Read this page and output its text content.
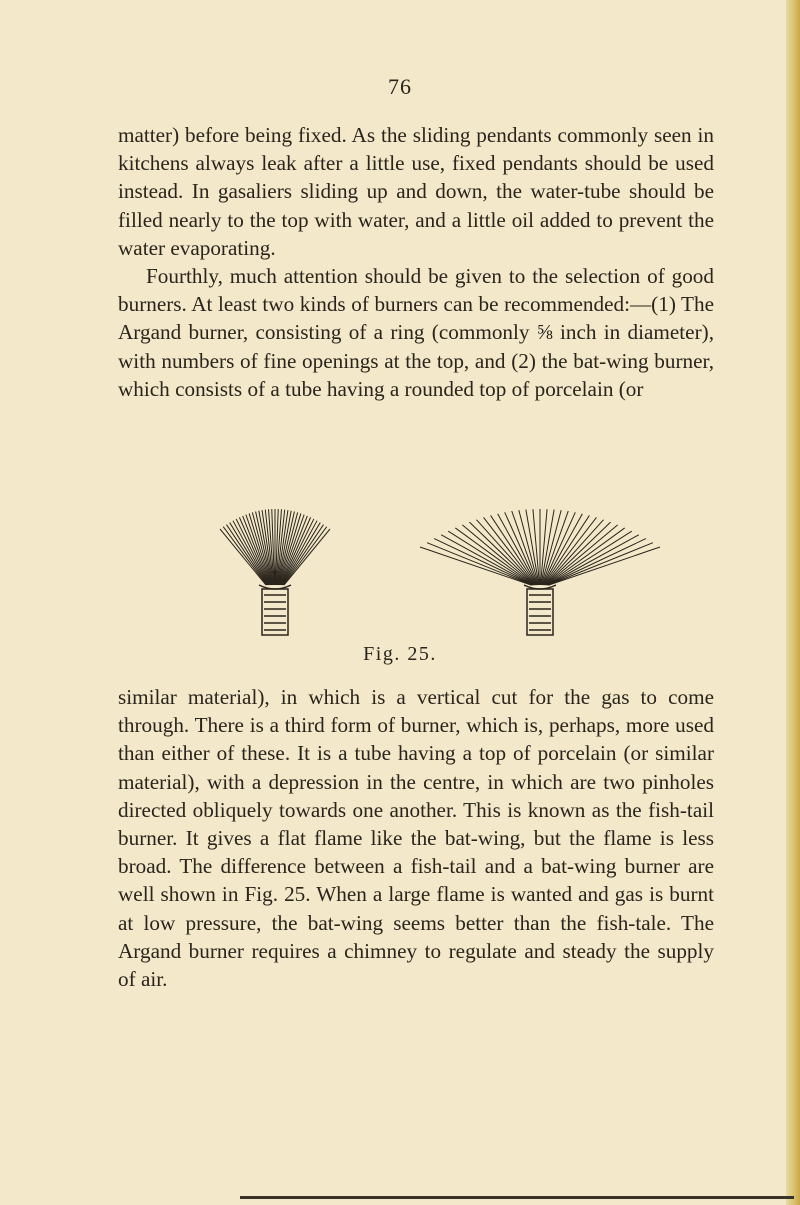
76

matter) before being fixed. As the sliding pendants commonly seen in kitchens always leak after a little use, fixed pendants should be used instead. In gasaliers sliding up and down, the water-tube should be filled nearly to the top with water, and a little oil added to prevent the water evaporating.

Fourthly, much attention should be given to the selection of good burners. At least two kinds of burners can be recommended:—(1) The Argand burner, consisting of a ring (commonly ⅝ inch in diameter), with numbers of fine openings at the top, and (2) the bat-wing burner, which consists of a tube having a rounded top of porcelain (or

Fig. 25.

similar material), in which is a vertical cut for the gas to come through. There is a third form of burner, which is, perhaps, more used than either of these. It is a tube having a top of porcelain (or similar material), with a depression in the centre, in which are two pinholes directed obliquely towards one another. This is known as the fish-tail burner. It gives a flat flame like the bat-wing, but the flame is less broad. The difference between a fish-tail and a bat-wing burner are well shown in Fig. 25. When a large flame is wanted and gas is burnt at low pressure, the bat-wing seems better than the fish-tale. The Argand burner requires a chimney to regulate and steady the supply of air.
